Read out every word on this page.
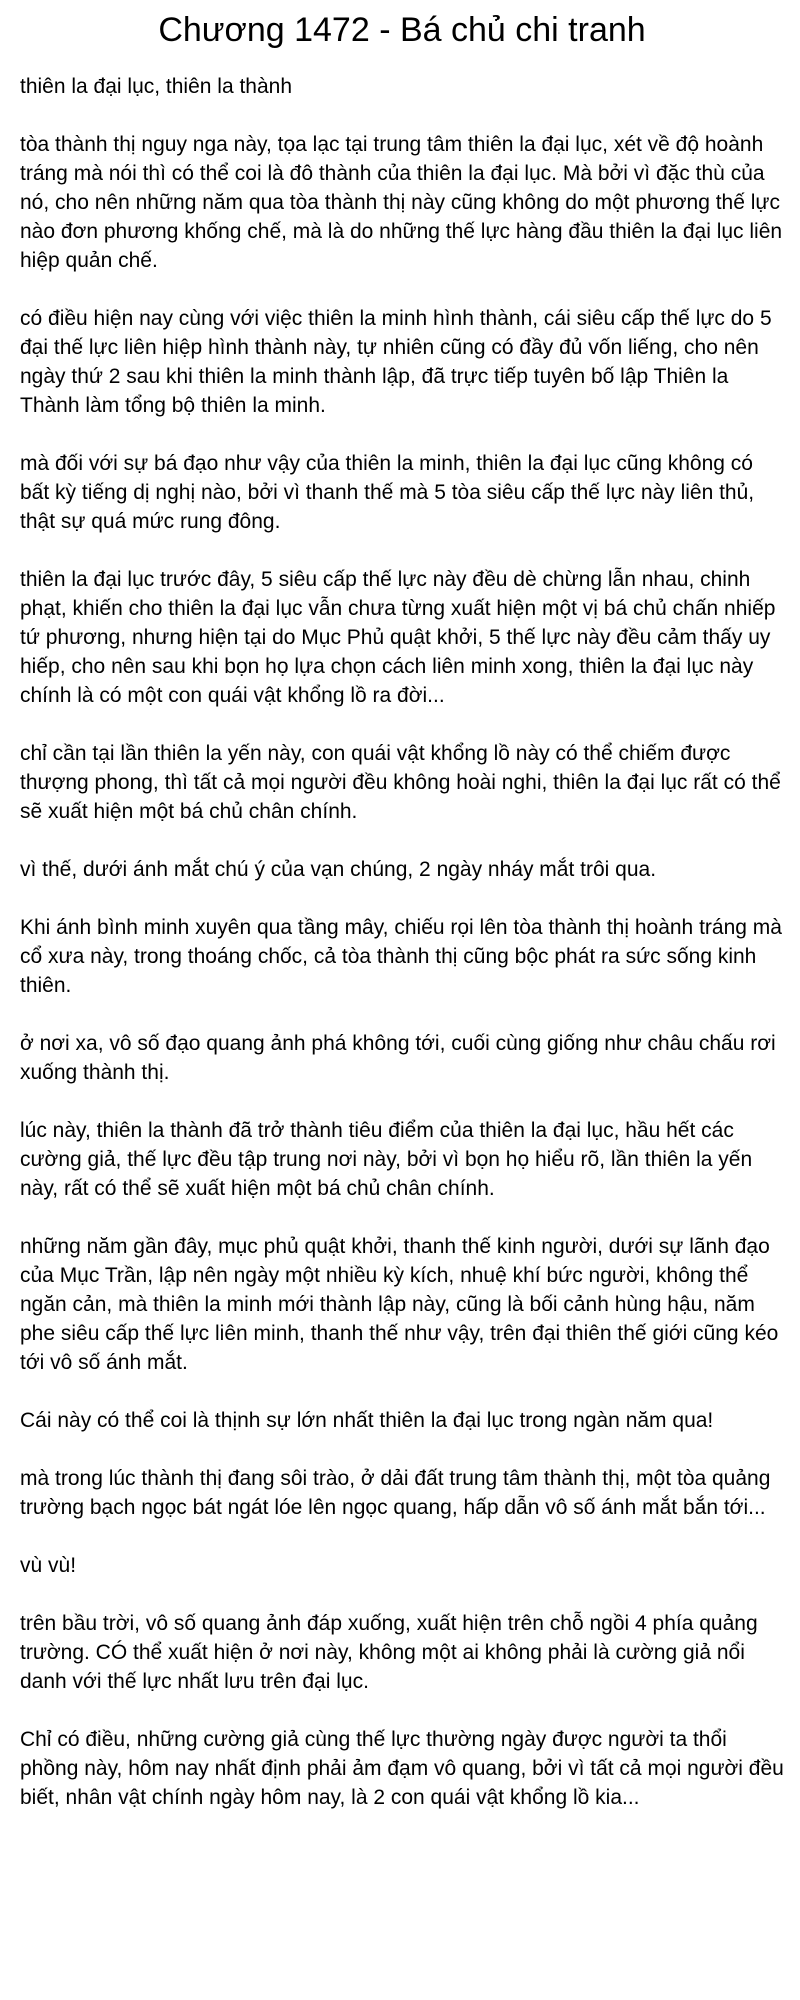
Chương 1472 - Bá chủ chi tranh

thiên la đại lục, thiên la thành

tòa thành thị nguy nga này, tọa lạc tại trung tâm thiên la đại lục, xét về độ hoành tráng mà nói thì có thể coi là đô thành của thiên la đại lục. Mà bởi vì đặc thù của nó, cho nên những năm qua tòa thành thị này cũng không do một phương thế lực nào đơn phương khống chế, mà là do những thế lực hàng đầu thiên la đại lục liên hiệp quản chế.

có điều hiện nay cùng với việc thiên la minh hình thành, cái siêu cấp thế lực do 5 đại thế lực liên hiệp hình thành này, tự nhiên cũng có đầy đủ vốn liếng, cho nên ngày thứ 2 sau khi thiên la minh thành lập, đã trực tiếp tuyên bố lập Thiên la Thành làm tổng bộ thiên la minh.

mà đối với sự bá đạo như vậy của thiên la minh, thiên la đại lục cũng không có bất kỳ tiếng dị nghị nào, bởi vì thanh thế mà 5 tòa siêu cấp thế lực này liên thủ, thật sự quá mức rung đông.

thiên la đại lục trước đây, 5 siêu cấp thế lực này đều dè chừng lẫn nhau, chinh phạt, khiến cho thiên la đại lục vẫn chưa từng xuất hiện một vị bá chủ chấn nhiếp tứ phương, nhưng hiện tại do Mục Phủ quật khởi, 5 thế lực này đều cảm thấy uy hiếp, cho nên sau khi bọn họ lựa chọn cách liên minh xong, thiên la đại lục này chính là có một con quái vật khổng lồ ra đời...

chỉ cần tại lần thiên la yến này, con quái vật khổng lồ này có thể chiếm được thượng phong, thì tất cả mọi người đều không hoài nghi, thiên la đại lục rất có thể sẽ xuất hiện một bá chủ chân chính.

vì thế, dưới ánh mắt chú ý của vạn chúng, 2 ngày nháy mắt trôi qua.

Khi ánh bình minh xuyên qua tầng mây, chiếu rọi lên tòa thành thị hoành tráng mà cổ xưa này, trong thoáng chốc, cả tòa thành thị cũng bộc phát ra sức sống kinh thiên.

ở nơi xa, vô số đạo quang ảnh phá không tới, cuối cùng giống như châu chấu rơi xuống thành thị.

lúc này, thiên la thành đã trở thành tiêu điểm của thiên la đại lục, hầu hết các cường giả, thế lực đều tập trung nơi này, bởi vì bọn họ hiểu rõ, lần thiên la yến này, rất có thể sẽ xuất hiện một bá chủ chân chính.

những năm gần đây, mục phủ quật khởi, thanh thế kinh người, dưới sự lãnh đạo của Mục Trần, lập nên ngày một nhiều kỳ kích, nhuệ khí bức người, không thể ngăn cản, mà thiên la minh mới thành lập này, cũng là bối cảnh hùng hậu, năm phe siêu cấp thế lực liên minh, thanh thế như vậy, trên đại thiên thế giới cũng kéo tới vô số ánh mắt.

Cái này có thể coi là thịnh sự lớn nhất thiên la đại lục trong ngàn năm qua!

mà trong lúc thành thị đang sôi trào, ở dải đất trung tâm thành thị, một tòa quảng trường bạch ngọc bát ngát lóe lên ngọc quang, hấp dẫn vô số ánh mắt bắn tới...

vù vù!

trên bầu trời, vô số quang ảnh đáp xuống, xuất hiện trên chỗ ngồi 4 phía quảng trường. CÓ thể xuất hiện ở nơi này, không một ai không phải là cường giả nổi danh với thế lực nhất lưu trên đại lục.

Chỉ có điều, những cường giả cùng thế lực thường ngày được người ta thổi phồng này, hôm nay nhất định phải ảm đạm vô quang, bởi vì tất cả mọi người đều biết, nhân vật chính ngày hôm nay, là 2 con quái vật khổng lồ kia...
